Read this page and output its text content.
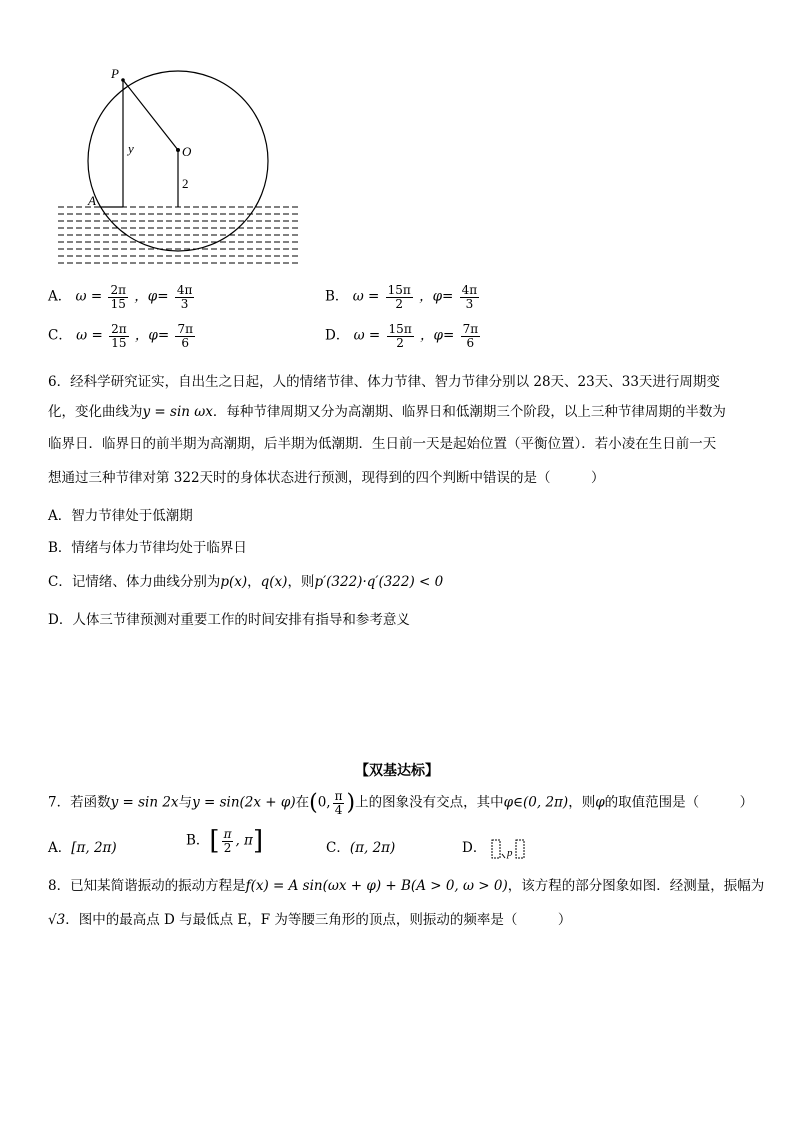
P
O
A
y
2
A． $\omega = \frac{2\pi}{15}$ ，$\varphi= \frac{4\pi}{3}$	B． $\omega = \frac{15\pi}{2}$ ，$\varphi= \frac{4\pi}{3}$
C． $\omega = \frac{2\pi}{15}$ ，$\varphi= \frac{7\pi}{6}$	D． $\omega = \frac{15\pi}{2}$ ，$\varphi= \frac{7\pi}{6}$
6．经科学研究证实，自出生之日起，人的情绪节律、体力节律、智力节律分别以 28天、23天、33天进行周期变
化，变化曲线为y = sin ωx．每种节律周期又分为高潮期、临界日和低潮期三个阶段，以上三种节律周期的半数为
临界日．临界日的前半期为高潮期，后半期为低潮期．生日前一天是起始位置（平衡位置）．若小凌在生日前一天
想通过三种节律对第 322天时的身体状态进行预测，现得到的四个判断中错误的是（　　　）
A．智力节律处于低潮期
B．情绪与体力节律均处于临界日
C．记情绪、体力曲线分别为p(x)，q(x)，则p′(322)·q′(322) < 0
D．人体三节律预测对重要工作的时间安排有指导和参考意义
【双基达标】
7．若函数y = sin 2x与y = sin(2x + φ)在(0, $\frac{\pi}{4}$ )上的图象没有交点，其中φ∈(0, 2π)，则φ的取值范围是（　　　）
A．[π, 2π)	B．[ $\frac{\pi}{2}$ , π]	C．(π, 2π)	D． p
8．已知某简谐振动的振动方程是f(x) = A sin(ωx + φ) + B(A > 0, ω > 0)，该方程的部分图象如图．经测量，振幅为
√3．图中的最高点 D 与最低点 E，F 为等腰三角形的顶点，则振动的频率是（　　　）
